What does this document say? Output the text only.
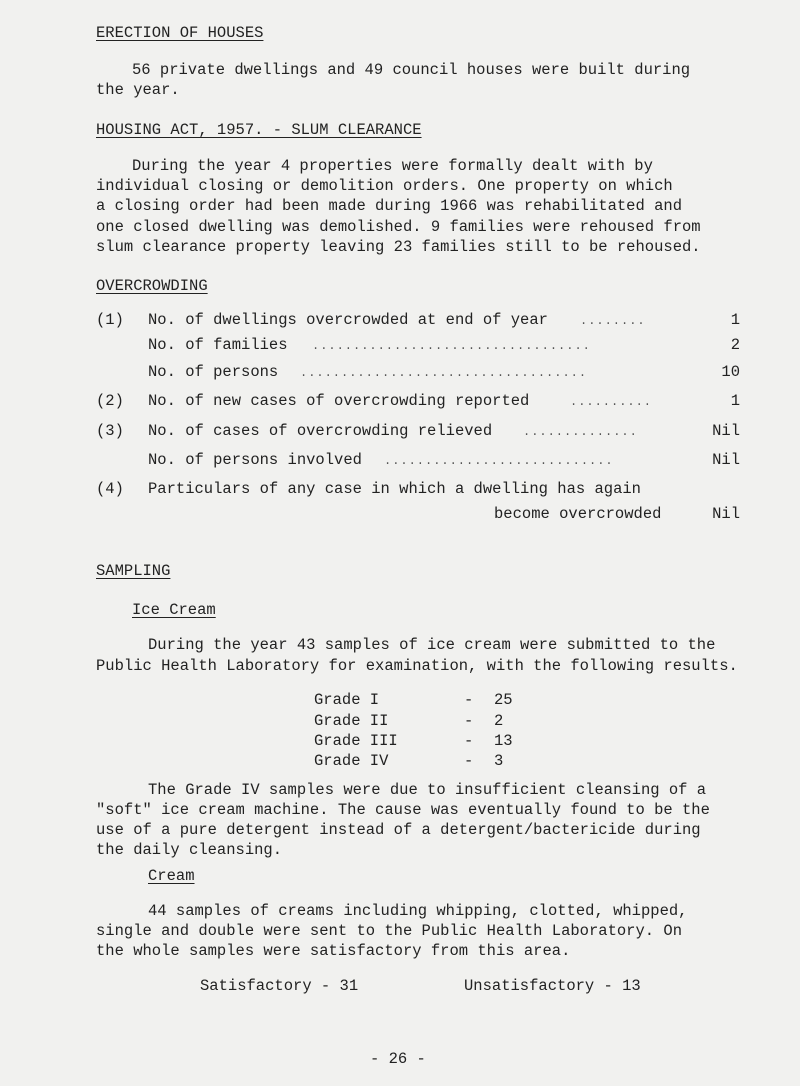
ERECTION OF HOUSES
56 private dwellings and 49 council houses were built during
the year.
HOUSING ACT, 1957. - SLUM CLEARANCE
During the year 4 properties were formally dealt with by
individual closing or demolition orders. One property on which
a closing order had been made during 1966 was rehabilitated and
one closed dwelling was demolished. 9 families were rehoused from
slum clearance property leaving 23 families still to be rehoused.
OVERCROWDING
(1) No. of dwellings overcrowded at end of year	........	1
No. of families ..................................	2
No. of persons ...................................	10
(2) No. of new cases of overcrowding reported	..........	1
(3) No. of cases of overcrowding relieved	..............	Nil
No. of persons involved ............................	Nil
(4) Particulars of any case in which a dwelling has again
become overcrowded	Nil
SAMPLING
Ice Cream
During the year 43 samples of ice cream were submitted to the
Public Health Laboratory for examination, with the following results.
Grade I	- 25
Grade II	- 2
Grade III	- 13
Grade IV	- 3
The Grade IV samples were due to insufficient cleansing of a
"soft" ice cream machine. The cause was eventually found to be the
use of a pure detergent instead of a detergent/bactericide during
the daily cleansing.
Cream
44 samples of creams including whipping, clotted, whipped,
single and double were sent to the Public Health Laboratory. On
the whole samples were satisfactory from this area.
Satisfactory - 31	Unsatisfactory - 13
- 26 -
